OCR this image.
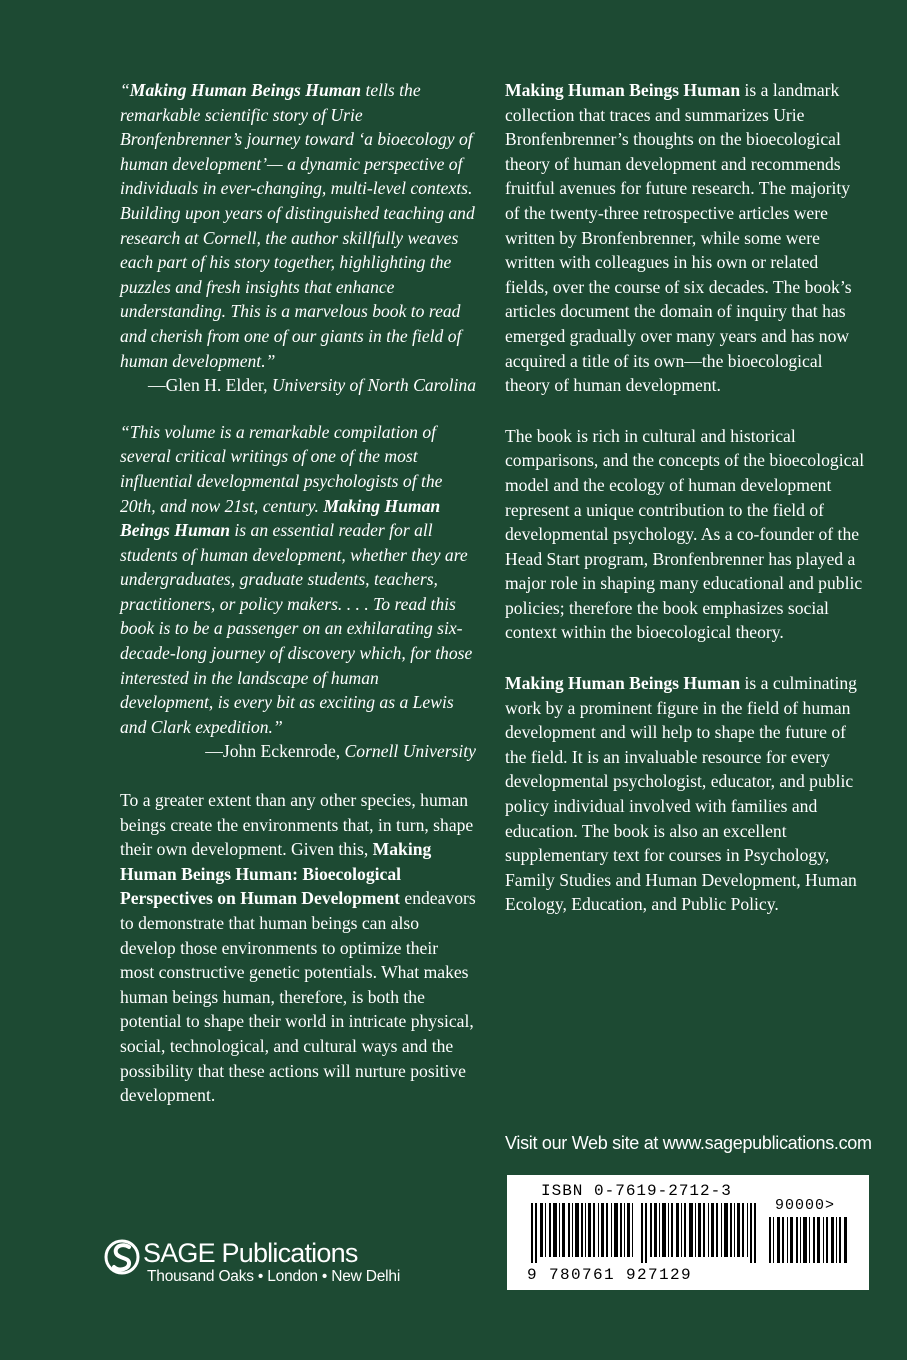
“Making Human Beings Human tells the remarkable scientific story of Urie Bronfenbrenner’s journey toward ‘a bioecology of human development’— a dynamic perspective of individuals in ever-changing, multi-level contexts. Building upon years of distinguished teaching and research at Cornell, the author skillfully weaves each part of his story together, highlighting the puzzles and fresh insights that enhance understanding. This is a marvelous book to read and cherish from one of our giants in the field of human development.”

—Glen H. Elder, University of North Carolina

“This volume is a remarkable compilation of several critical writings of one of the most influential developmental psychologists of the 20th, and now 21st, century. Making Human Beings Human is an essential reader for all students of human development, whether they are undergraduates, graduate students, teachers, practitioners, or policy makers. . . . To read this book is to be a passenger on an exhilarating six-decade-long journey of discovery which, for those interested in the landscape of human development, is every bit as exciting as a Lewis and Clark expedition.”

—John Eckenrode, Cornell University

To a greater extent than any other species, human beings create the environments that, in turn, shape their own development. Given this, Making Human Beings Human: Bioecological Perspectives on Human Development endeavors to demonstrate that human beings can also develop those environments to optimize their most constructive genetic potentials. What makes human beings human, therefore, is both the potential to shape their world in intricate physical, social, technological, and cultural ways and the possibility that these actions will nurture positive development.

Making Human Beings Human is a landmark collection that traces and summarizes Urie Bronfenbrenner’s thoughts on the bioecological theory of human development and recommends fruitful avenues for future research. The majority of the twenty-three retrospective articles were written by Bronfenbrenner, while some were written with colleagues in his own or related fields, over the course of six decades. The book’s articles document the domain of inquiry that has emerged gradually over many years and has now acquired a title of its own—the bioecological theory of human development.

The book is rich in cultural and historical comparisons, and the concepts of the bioecological model and the ecology of human development represent a unique contribution to the field of developmental psychology. As a co-founder of the Head Start program, Bronfenbrenner has played a major role in shaping many educational and public policies; therefore the book emphasizes social context within the bioecological theory.

Making Human Beings Human is a culminating work by a prominent figure in the field of human development and will help to shape the future of the field. It is an invaluable resource for every developmental psychologist, educator, and public policy individual involved with families and education. The book is also an excellent supplementary text for courses in Psychology, Family Studies and Human Development, Human Ecology, Education, and Public Policy.

Visit our Web site at www.sagepublications.com
ISBN 0-7619-2712-3
90000>
9 780761 927129
SAGE Publications
Thousand Oaks • London • New Delhi
